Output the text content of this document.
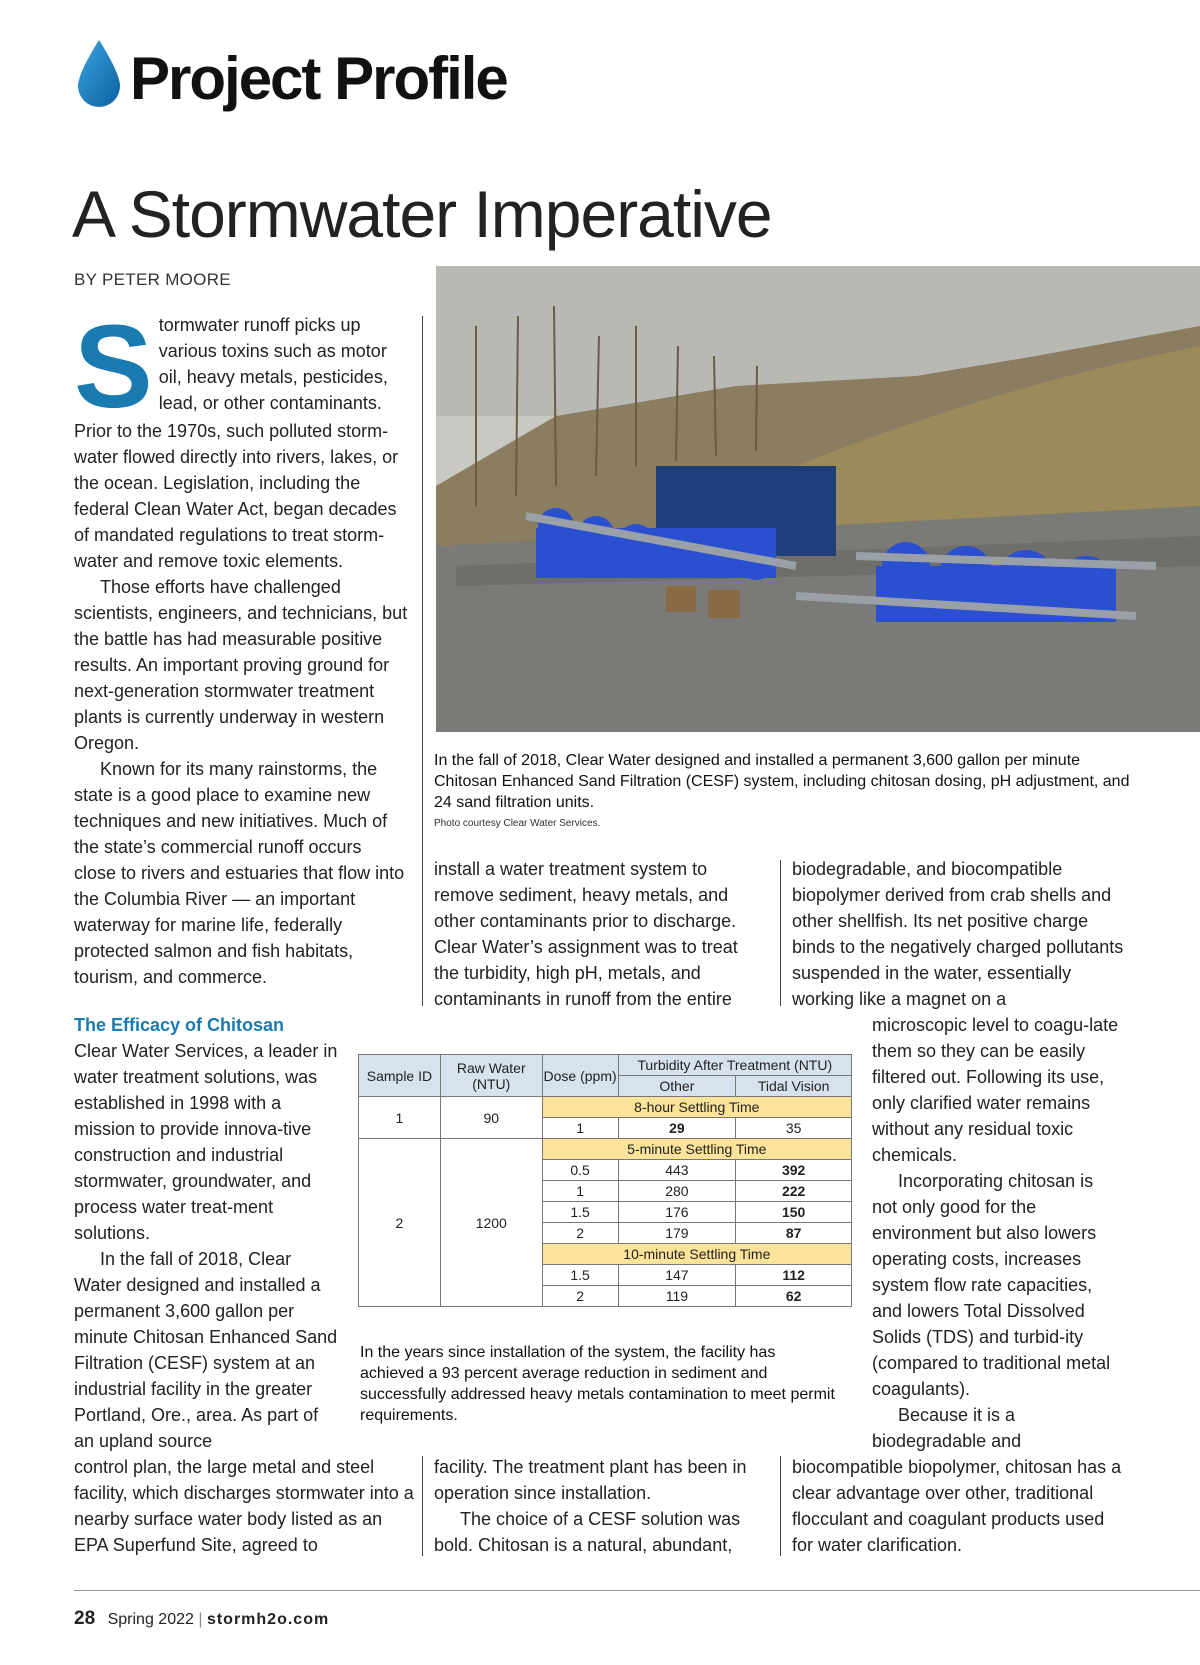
Project Profile
A Stormwater Imperative
BY PETER MOORE
S tormwater runoff picks up
various toxins such as motor
oil, heavy metals, pesticides,
lead, or other contaminants.

Prior to the 1970s, such polluted storm-water flowed directly into rivers, lakes, or the ocean. Legislation, including the federal Clean Water Act, began decades of mandated regulations to treat storm-water and remove toxic elements.

Those efforts have challenged scientists, engineers, and technicians, but the battle has had measurable positive results. An important proving ground for next-generation stormwater treatment plants is currently underway in western Oregon.

Known for its many rainstorms, the state is a good place to examine new techniques and new initiatives. Much of the state’s commercial runoff occurs close to rivers and estuaries that flow into the Columbia River — an important waterway for marine life, federally protected salmon and fish habitats, tourism, and commerce.

In the fall of 2018, Clear Water designed and installed a permanent 3,600 gallon per minute Chitosan Enhanced Sand Filtration (CESF) system, including chitosan dosing, pH adjustment, and 24 sand filtration units.
Photo courtesy Clear Water Services.

install a water treatment system to remove sediment, heavy metals, and other contaminants prior to discharge. Clear Water’s assignment was to treat the turbidity, high pH, metals, and contaminants in runoff from the entire

biodegradable, and biocompatible biopolymer derived from crab shells and other shellfish. Its net positive charge binds to the negatively charged pollutants suspended in the water, essentially working like a magnet on a

The Efficacy of Chitosan

Clear Water Services, a leader in water treatment solutions, was established in 1998 with a mission to provide innova-tive construction and industrial stormwater, groundwater, and process water treat-ment solutions.

In the fall of 2018, Clear Water designed and installed a permanent 3,600 gallon per minute Chitosan Enhanced Sand Filtration (CESF) system at an industrial facility in the greater Portland, Ore., area. As part of an upland source

control plan, the large metal and steel facility, which discharges stormwater into a nearby surface water body listed as an EPA Superfund Site, agreed to

Sample ID	Raw Water (NTU)	Dose (ppm)	Turbidity After Treatment (NTU)	
			Other	Tidal Vision
1	90	8-hour Settling Time		
		1	29	35
2	1200	5-minute Settling Time		
		0.5	443	392
		1	280	222
		1.5	176	150
		2	179	87
		10-minute Settling Time		
		1.5	147	112
		2	119	62
In the years since installation of the system, the facility has achieved a 93 percent average reduction in sediment and successfully addressed heavy metals contamination to meet permit requirements.

microscopic level to coagu-late them so they can be easily filtered out. Following its use, only clarified water remains without any residual toxic chemicals.

Incorporating chitosan is not only good for the environment but also lowers operating costs, increases system flow rate capacities, and lowers Total Dissolved Solids (TDS) and turbid-ity (compared to traditional metal coagulants).

Because it is a biodegradable and

facility. The treatment plant has been in operation since installation.

The choice of a CESF solution was bold. Chitosan is a natural, abundant,

biocompatible biopolymer, chitosan has a clear advantage over other, traditional flocculant and coagulant products used for water clarification.

28 Spring 2022 | stormh2o.com
